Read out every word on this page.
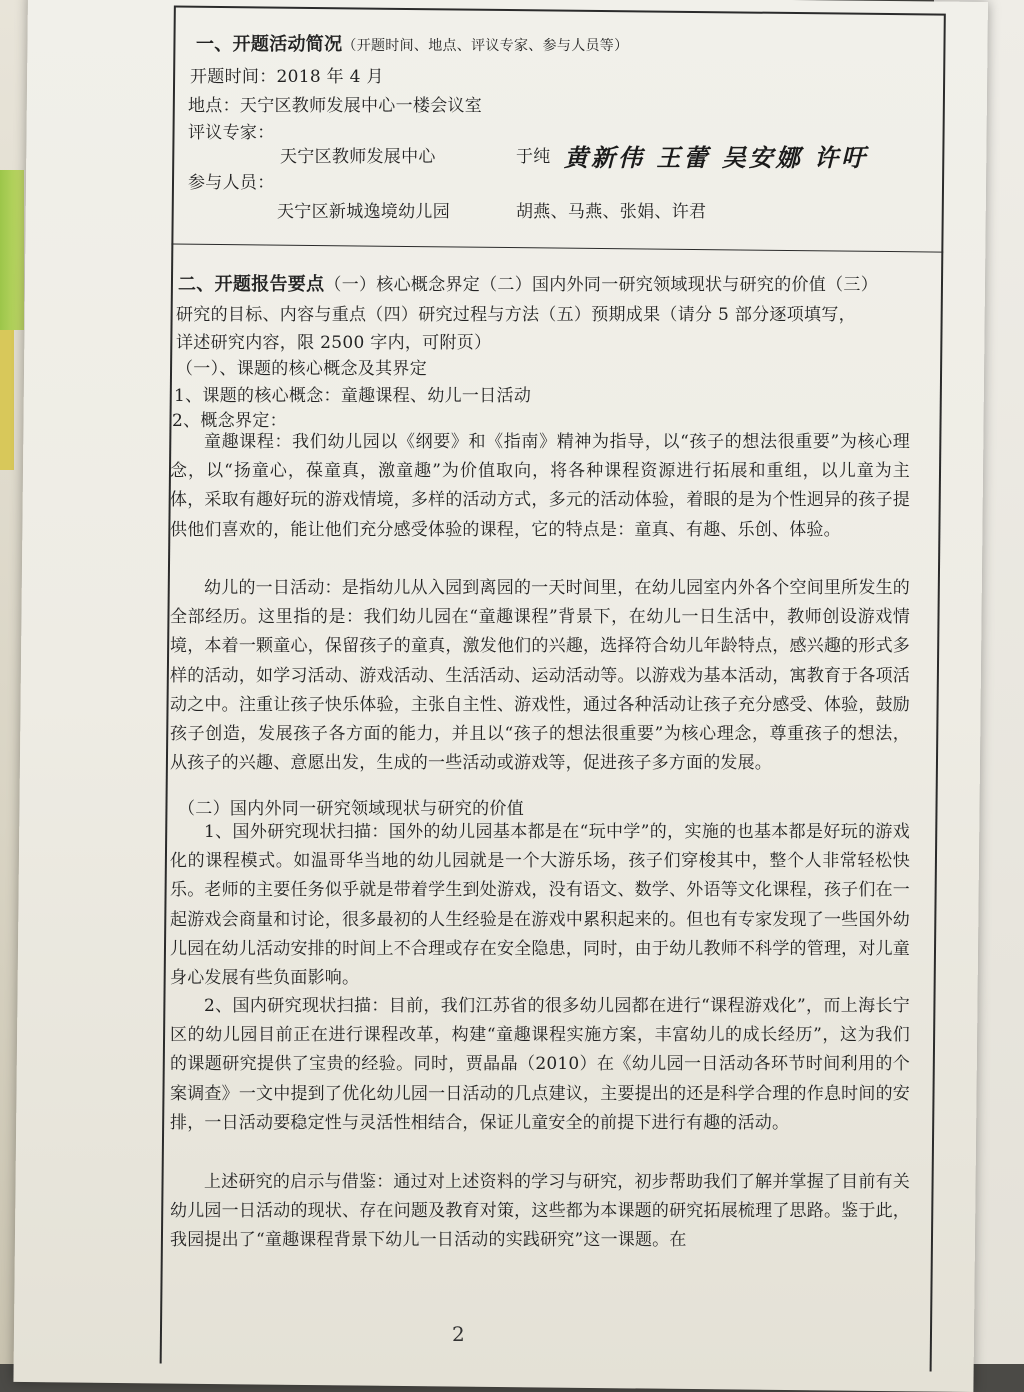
一、开题活动简况（开题时间、地点、评议专家、参与人员等）
开题时间：2018 年 4 月
地点：天宁区教师发展中心一楼会议室
评议专家：
天宁区教师发展中心	于纯 黄新伟 王蕾 吴安娜 许吁
参与人员：
天宁区新城逸境幼儿园	胡燕、马燕、张娟、许君
二、开题报告要点（一）核心概念界定（二）国内外同一研究领域现状与研究的价值（三）
研究的目标、内容与重点（四）研究过程与方法（五）预期成果（请分 5 部分逐项填写，
详述研究内容，限 2500 字内，可附页）
（一）、课题的核心概念及其界定
1、课题的核心概念：童趣课程、幼儿一日活动
2、概念界定：
童趣课程：我们幼儿园以《纲要》和《指南》精神为指导，以“孩子的想法很重要”为核心理念，以“扬童心，葆童真，激童趣”为价值取向，将各种课程资源进行拓展和重组，以儿童为主体，采取有趣好玩的游戏情境，多样的活动方式，多元的活动体验，着眼的是为个性迥异的孩子提供他们喜欢的，能让他们充分感受体验的课程，它的特点是：童真、有趣、乐创、体验。
幼儿的一日活动：是指幼儿从入园到离园的一天时间里，在幼儿园室内外各个空间里所发生的全部经历。这里指的是：我们幼儿园在“童趣课程”背景下，在幼儿一日生活中，教师创设游戏情境，本着一颗童心，保留孩子的童真，激发他们的兴趣，选择符合幼儿年龄特点，感兴趣的形式多样的活动，如学习活动、游戏活动、生活活动、运动活动等。以游戏为基本活动，寓教育于各项活动之中。注重让孩子快乐体验，主张自主性、游戏性，通过各种活动让孩子充分感受、体验，鼓励孩子创造，发展孩子各方面的能力，并且以“孩子的想法很重要”为核心理念，尊重孩子的想法，从孩子的兴趣、意愿出发，生成的一些活动或游戏等，促进孩子多方面的发展。
（二）国内外同一研究领域现状与研究的价值
1、国外研究现状扫描：国外的幼儿园基本都是在“玩中学”的，实施的也基本都是好玩的游戏化的课程模式。如温哥华当地的幼儿园就是一个大游乐场，孩子们穿梭其中，整个人非常轻松快乐。老师的主要任务似乎就是带着学生到处游戏，没有语文、数学、外语等文化课程，孩子们在一起游戏会商量和讨论，很多最初的人生经验是在游戏中累积起来的。但也有专家发现了一些国外幼儿园在幼儿活动安排的时间上不合理或存在安全隐患，同时，由于幼儿教师不科学的管理，对儿童身心发展有些负面影响。
2、国内研究现状扫描：目前，我们江苏省的很多幼儿园都在进行“课程游戏化”，而上海长宁区的幼儿园目前正在进行课程改革，构建“童趣课程实施方案，丰富幼儿的成长经历”，这为我们的课题研究提供了宝贵的经验。同时，贾晶晶（2010）在《幼儿园一日活动各环节时间利用的个案调查》一文中提到了优化幼儿园一日活动的几点建议，主要提出的还是科学合理的作息时间的安排，一日活动要稳定性与灵活性相结合，保证儿童安全的前提下进行有趣的活动。
上述研究的启示与借鉴：通过对上述资料的学习与研究，初步帮助我们了解并掌握了目前有关幼儿园一日活动的现状、存在问题及教育对策，这些都为本课题的研究拓展梳理了思路。鉴于此，我园提出了“童趣课程背景下幼儿一日活动的实践研究”这一课题。在
2
